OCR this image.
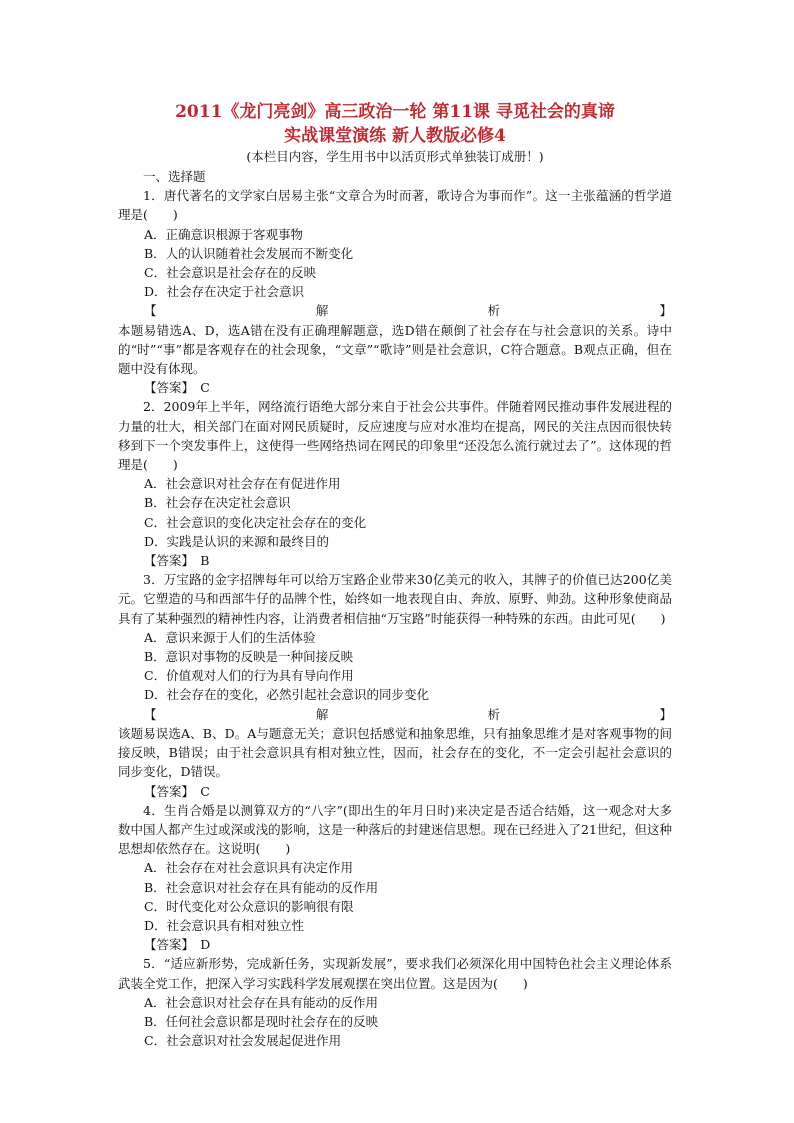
2011《龙门亮剑》高三政治一轮 第11课 寻觅社会的真谛
实战课堂演练 新人教版必修4
(本栏目内容，学生用书中以活页形式单独装订成册！)
一、选择题
1．唐代著名的文学家白居易主张“文章合为时而著，歌诗合为事而作”。这一主张蕴涵的哲学道理是(　　)
A．正确意识根源于客观事物
B．人的认识随着社会发展而不断变化
C．社会意识是社会存在的反映
D．社会存在决定于社会意识
【	解	析	】
本题易错选A、D，选A错在没有正确理解题意，选D错在颠倒了社会存在与社会意识的关系。诗中的“时”“事”都是客观存在的社会现象，“文章”“歌诗”则是社会意识，C符合题意。B观点正确，但在题中没有体现。
【答案】　C
2．2009年上半年，网络流行语绝大部分来自于社会公共事件。伴随着网民推动事件发展进程的力量的壮大，相关部门在面对网民质疑时，反应速度与应对水准均在提高，网民的关注点因而很快转移到下一个突发事件上，这使得一些网络热词在网民的印象里“还没怎么流行就过去了”。这体现的哲理是(　　)
A．社会意识对社会存在有促进作用
B．社会存在决定社会意识
C．社会意识的变化决定社会存在的变化
D．实践是认识的来源和最终目的
【答案】　B
3．万宝路的金字招牌每年可以给万宝路企业带来30亿美元的收入，其牌子的价值已达200亿美元。它塑造的马和西部牛仔的品牌个性，始终如一地表现自由、奔放、原野、帅劲。这种形象使商品具有了某种强烈的精神性内容，让消费者相信抽“万宝路”时能获得一种特殊的东西。由此可见(　　)
A．意识来源于人们的生活体验
B．意识对事物的反映是一种间接反映
C．价值观对人们的行为具有导向作用
D．社会存在的变化，必然引起社会意识的同步变化
【	解	析	】
该题易误选A、B、D。A与题意无关；意识包括感觉和抽象思维，只有抽象思维才是对客观事物的间接反映，B错误；由于社会意识具有相对独立性，因而，社会存在的变化，不一定会引起社会意识的同步变化，D错误。
【答案】　C
4．生肖合婚是以测算双方的“八字”(即出生的年月日时)来决定是否适合结婚，这一观念对大多数中国人都产生过或深或浅的影响，这是一种落后的封建迷信思想。现在已经进入了21世纪，但这种思想却依然存在。这说明(　　)
A．社会存在对社会意识具有决定作用
B．社会意识对社会存在具有能动的反作用
C．时代变化对公众意识的影响很有限
D．社会意识具有相对独立性
【答案】　D
5．“适应新形势，完成新任务，实现新发展”，要求我们必须深化用中国特色社会主义理论体系武装全党工作，把深入学习实践科学发展观摆在突出位置。这是因为(　　)
A．社会意识对社会存在具有能动的反作用
B．任何社会意识都是现时社会存在的反映
C．社会意识对社会发展起促进作用
